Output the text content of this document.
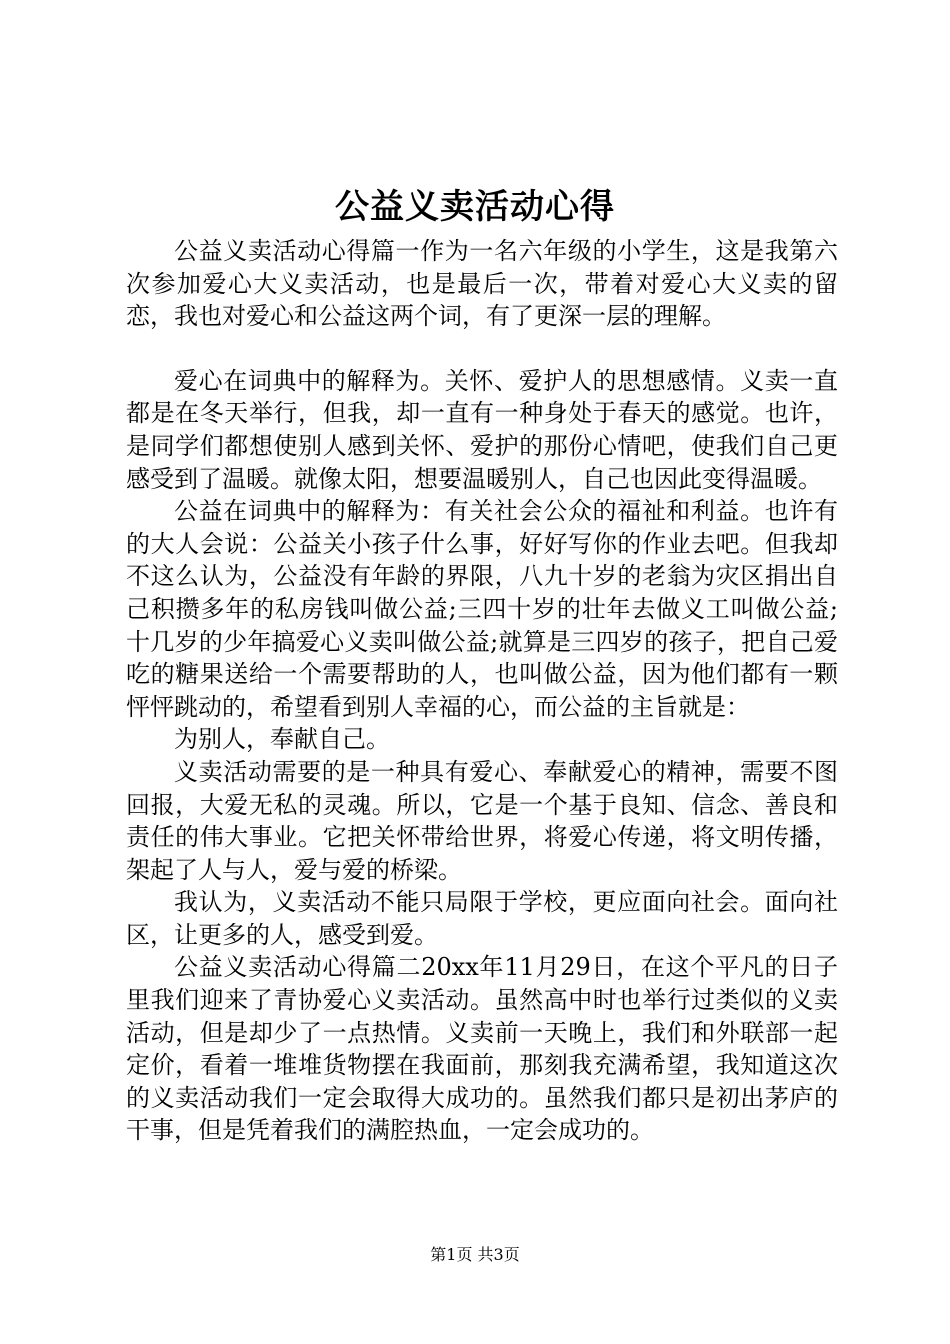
公益义卖活动心得

公益义卖活动心得篇一作为一名六年级的小学生，这是我第六次参加爱心大义卖活动，也是最后一次，带着对爱心大义卖的留恋，我也对爱心和公益这两个词，有了更深一层的理解。

爱心在词典中的解释为。关怀、爱护人的思想感情。义卖一直都是在冬天举行，但我，却一直有一种身处于春天的感觉。也许，是同学们都想使别人感到关怀、爱护的那份心情吧，使我们自己更感受到了温暖。就像太阳，想要温暖别人，自己也因此变得温暖。

公益在词典中的解释为：有关社会公众的福祉和利益。也许有的大人会说：公益关小孩子什么事，好好写你的作业去吧。但我却不这么认为，公益没有年龄的界限，八九十岁的老翁为灾区捐出自己积攒多年的私房钱叫做公益;三四十岁的壮年去做义工叫做公益;十几岁的少年搞爱心义卖叫做公益;就算是三四岁的孩子，把自己爱吃的糖果送给一个需要帮助的人，也叫做公益，因为他们都有一颗怦怦跳动的，希望看到别人幸福的心，而公益的主旨就是：

为别人，奉献自己。

义卖活动需要的是一种具有爱心、奉献爱心的精神，需要不图回报，大爱无私的灵魂。所以，它是一个基于良知、信念、善良和责任的伟大事业。它把关怀带给世界，将爱心传递，将文明传播，架起了人与人，爱与爱的桥梁。

我认为，义卖活动不能只局限于学校，更应面向社会。面向社区，让更多的人，感受到爱。

公益义卖活动心得篇二20xx年11月29日，在这个平凡的日子里我们迎来了青协爱心义卖活动。虽然高中时也举行过类似的义卖活动，但是却少了一点热情。义卖前一天晚上，我们和外联部一起定价，看着一堆堆货物摆在我面前，那刻我充满希望，我知道这次的义卖活动我们一定会取得大成功的。虽然我们都只是初出茅庐的干事，但是凭着我们的满腔热血，一定会成功的。

第1页 共3页
